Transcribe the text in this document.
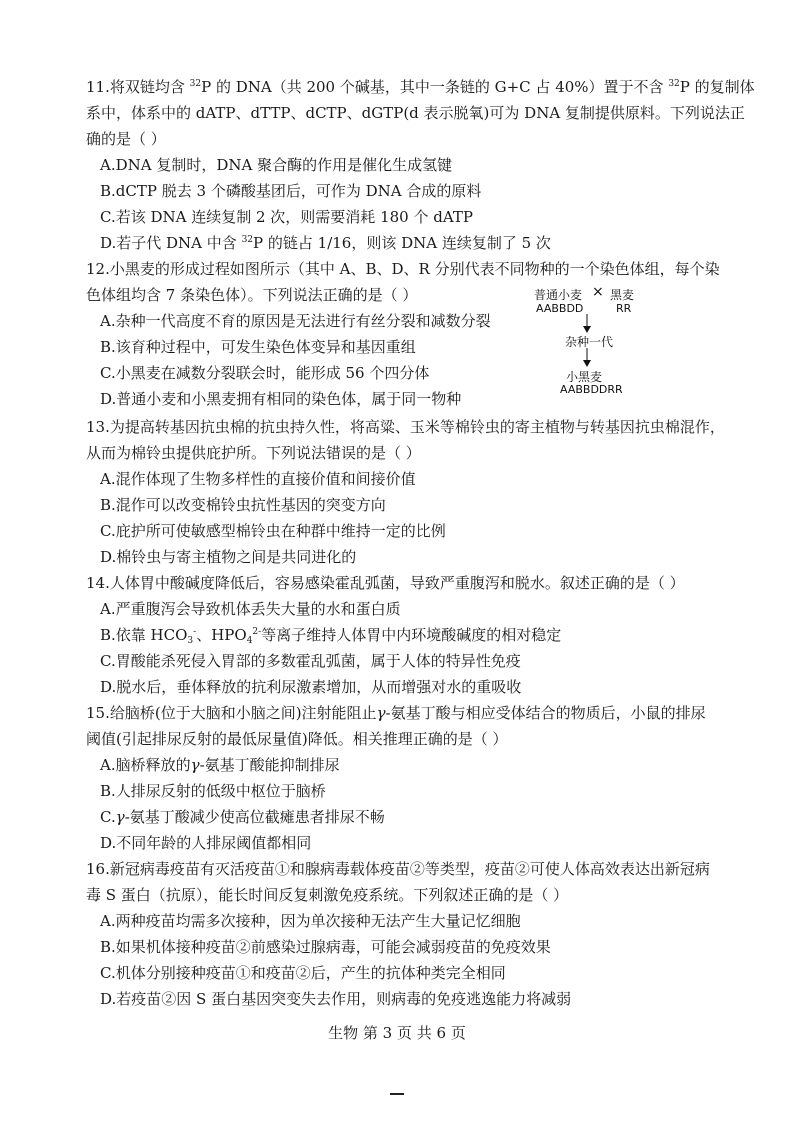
11.将双链均含 $^{32}$P 的 DNA（共 200 个碱基，其中一条链的 G+C 占 40%）置于不含 $^{32}$P 的复制体
系中，体系中的 dATP、dTTP、dCTP、dGTP(d 表示脱氧)可为 DNA 复制提供原料。下列说法正
确的是（ ）
A.DNA 复制时，DNA 聚合酶的作用是催化生成氢键
B.dCTP 脱去 3 个磷酸基团后，可作为 DNA 合成的原料
C.若该 DNA 连续复制 2 次，则需要消耗 180 个 dATP
D.若子代 DNA 中含 $^{32}$P 的链占 1/16，则该 DNA 连续复制了 5 次
12.小黑麦的形成过程如图所示（其中 A、B、D、R 分别代表不同物种的一个染色体组，每个染
色体组均含 7 条染色体）。下列说法正确的是（ ）
A.杂种一代高度不育的原因是无法进行有丝分裂和减数分裂
B.该育种过程中，可发生染色体变异和基因重组
C.小黑麦在减数分裂联会时，能形成 56 个四分体
D.普通小麦和小黑麦拥有相同的染色体，属于同一物种
普通小麦 × 黑麦
AABBDD	RR
杂种一代
小黑麦
AABBDDRR
13.为提高转基因抗虫棉的抗虫持久性，将高粱、玉米等棉铃虫的寄主植物与转基因抗虫棉混作，
从而为棉铃虫提供庇护所。下列说法错误的是（ ）
A.混作体现了生物多样性的直接价值和间接价值
B.混作可以改变棉铃虫抗性基因的突变方向
C.庇护所可使敏感型棉铃虫在种群中维持一定的比例
D.棉铃虫与寄主植物之间是共同进化的
14.人体胃中酸碱度降低后，容易感染霍乱弧菌，导致严重腹泻和脱水。叙述正确的是（ ）
A.严重腹泻会导致机体丢失大量的水和蛋白质
B.依靠 $HCO_3^-$、$HPO_4^{2-}$等离子维持人体胃中内环境酸碱度的相对稳定
C.胃酸能杀死侵入胃部的多数霍乱弧菌，属于人体的特异性免疫
D.脱水后，垂体释放的抗利尿激素增加，从而增强对水的重吸收
15.给脑桥(位于大脑和小脑之间)注射能阻止γ-氨基丁酸与相应受体结合的物质后，小鼠的排尿
阈值(引起排尿反射的最低尿量值)降低。相关推理正确的是（ ）
A.脑桥释放的γ-氨基丁酸能抑制排尿
B.人排尿反射的低级中枢位于脑桥
C.γ-氨基丁酸减少使高位截瘫患者排尿不畅
D.不同年龄的人排尿阈值都相同
16.新冠病毒疫苗有灭活疫苗①和腺病毒载体疫苗②等类型，疫苗②可使人体高效表达出新冠病
毒 S 蛋白（抗原），能长时间反复刺激免疫系统。下列叙述正确的是（ ）
A.两种疫苗均需多次接种，因为单次接种无法产生大量记忆细胞
B.如果机体接种疫苗②前感染过腺病毒，可能会减弱疫苗的免疫效果
C.机体分别接种疫苗①和疫苗②后，产生的抗体种类完全相同
D.若疫苗②因 S 蛋白基因突变失去作用，则病毒的免疫逃逸能力将减弱
生物 第 3 页 共 6 页
